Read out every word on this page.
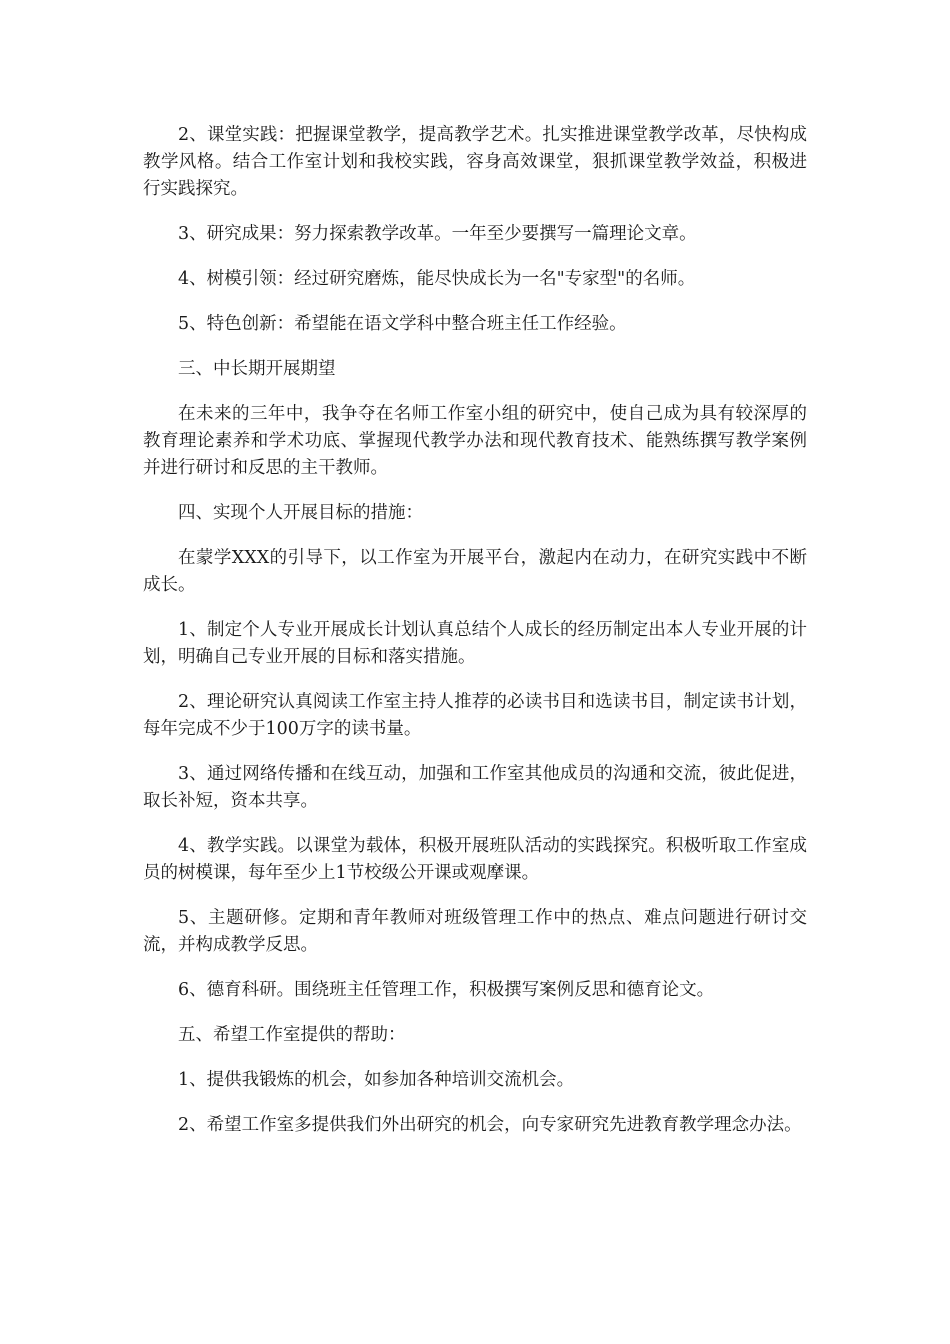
2、课堂实践：把握课堂教学，提高教学艺术。扎实推进课堂教学改革，尽快构成教学风格。结合工作室计划和我校实践，容身高效课堂，狠抓课堂教学效益，积极进行实践探究。

3、研究成果：努力探索教学改革。一年至少要撰写一篇理论文章。

4、树模引领：经过研究磨炼，能尽快成长为一名"专家型"的名师。

5、特色创新：希望能在语文学科中整合班主任工作经验。

三、中长期开展期望

在未来的三年中，我争夺在名师工作室小组的研究中，使自己成为具有较深厚的教育理论素养和学术功底、掌握现代教学办法和现代教育技术、能熟练撰写教学案例并进行研讨和反思的主干教师。

四、实现个人开展目标的措施：

在蒙学XXX的引导下，以工作室为开展平台，激起内在动力，在研究实践中不断成长。

1、制定个人专业开展成长计划认真总结个人成长的经历制定出本人专业开展的计划，明确自己专业开展的目标和落实措施。

2、理论研究认真阅读工作室主持人推荐的必读书目和选读书目，制定读书计划，每年完成不少于100万字的读书量。

3、通过网络传播和在线互动，加强和工作室其他成员的沟通和交流，彼此促进，取长补短，资本共享。

4、教学实践。以课堂为载体，积极开展班队活动的实践探究。积极听取工作室成员的树模课，每年至少上1节校级公开课或观摩课。

5、主题研修。定期和青年教师对班级管理工作中的热点、难点问题进行研讨交流，并构成教学反思。

6、德育科研。围绕班主任管理工作，积极撰写案例反思和德育论文。

五、希望工作室提供的帮助：

1、提供我锻炼的机会，如参加各种培训交流机会。

2、希望工作室多提供我们外出研究的机会，向专家研究先进教育教学理念办法。
